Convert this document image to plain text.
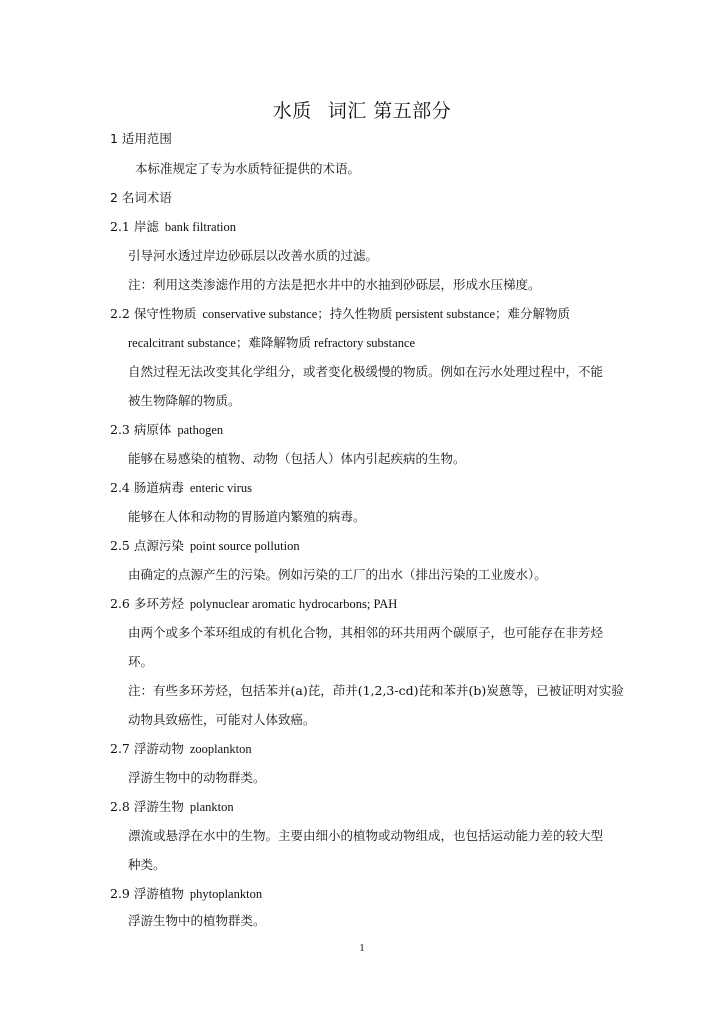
水质 词汇 第五部分
1 适用范围
本标准规定了专为水质特征提供的术语。
2 名词术语
2.1 岸滤 bank filtration
引导河水透过岸边砂砾层以改善水质的过滤。
注：利用这类渗滤作用的方法是把水井中的水抽到砂砾层，形成水压梯度。
2.2 保守性物质 conservative substance；持久性物质 persistent substance；难分解物质
recalcitrant substance；难降解物质 refractory substance
自然过程无法改变其化学组分，或者变化极缓慢的物质。例如在污水处理过程中，不能
被生物降解的物质。
2.3 病原体 pathogen
能够在易感染的植物、动物（包括人）体内引起疾病的生物。
2.4 肠道病毒 enteric virus
能够在人体和动物的胃肠道内繁殖的病毒。
2.5 点源污染 point source pollution
由确定的点源产生的污染。例如污染的工厂的出水（排出污染的工业废水）。
2.6 多环芳烃 polynuclear aromatic hydrocarbons; PAH
由两个或多个苯环组成的有机化合物，其相邻的环共用两个碳原子，也可能存在非芳烃
环。
注：有些多环芳烃，包括苯并(a)芘，茚并(1,2,3-cd)芘和苯并(b)炭蒽等，已被证明对实验
动物具致癌性，可能对人体致癌。
2.7 浮游动物 zooplankton
浮游生物中的动物群类。
2.8 浮游生物 plankton
漂流或悬浮在水中的生物。主要由细小的植物或动物组成，也包括运动能力差的较大型
种类。
2.9 浮游植物 phytoplankton
浮游生物中的植物群类。
1
